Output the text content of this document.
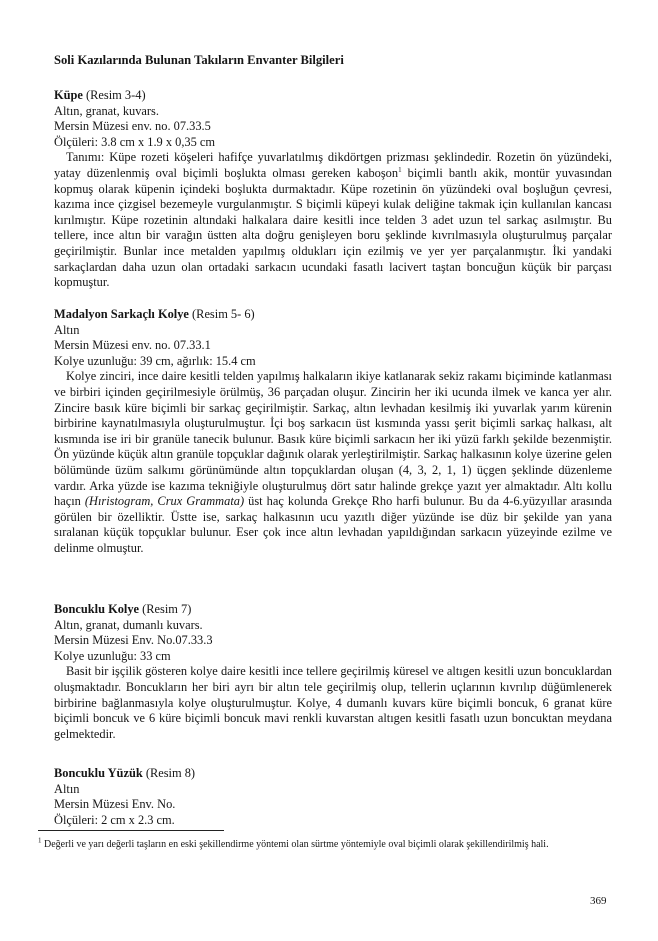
Soli Kazılarında Bulunan Takıların Envanter Bilgileri
Küpe (Resim 3-4)
Altın, granat, kuvars.
Mersin Müzesi env. no. 07.33.5
Ölçüleri: 3.8 cm x 1.9 x 0,35 cm

Tanımı: Küpe rozeti köşeleri hafifçe yuvarlatılmış dikdörtgen prizması şeklindedir. Rozetin ön yüzündeki, yatay düzenlenmiş oval biçimli boşlukta olması gereken kaboşon$^1$ biçimli bantlı akik, montür yuvasından kopmuş olarak küpenin içindeki boşlukta durmaktadır. Küpe rozetinin ön yüzündeki oval boşluğun çevresi, kazıma ince çizgisel bezemeyle vurgulanmıştır. S biçimli küpeyi kulak deliğine takmak için kullanılan kancası kırılmıştır. Küpe rozetinin altındaki halkalara daire kesitli ince telden 3 adet uzun tel sarkaç asılmıştır. Bu tellere, ince altın bir varağın üstten alta doğru genişleyen boru şeklinde kıvrılmasıyla oluşturulmuş parçalar geçirilmiştir. Bunlar ince metalden yapılmış oldukları için ezilmiş ve yer yer parçalanmıştır. İki yandaki sarkaçlardan daha uzun olan ortadaki sarkacın ucundaki fasatlı lacivert taştan boncuğun küçük bir parçası kopmuştur.

Madalyon Sarkaçlı Kolye (Resim 5- 6)
Altın
Mersin Müzesi env. no. 07.33.1
Kolye uzunluğu: 39 cm, ağırlık: 15.4 cm

Kolye zinciri, ince daire kesitli telden yapılmış halkaların ikiye katlanarak sekiz rakamı biçiminde katlanması ve birbiri içinden geçirilmesiyle örülmüş, 36 parçadan oluşur. Zincirin her iki ucunda ilmek ve kanca yer alır. Zincire basık küre biçimli bir sarkaç geçirilmiştir. Sarkaç, altın levhadan kesilmiş iki yuvarlak yarım kürenin birbirine kaynatılmasıyla oluşturulmuştur. İçi boş sarkacın üst kısmında yassı şerit biçimli sarkaç halkası, alt kısmında ise iri bir granüle tanecik bulunur. Basık küre biçimli sarkacın her iki yüzü farklı şekilde bezenmiştir. Ön yüzünde küçük altın granüle topçuklar dağınık olarak yerleştirilmiştir. Sarkaç halkasının kolye üzerine gelen bölümünde üzüm salkımı görünümünde altın topçuklardan oluşan (4, 3, 2, 1, 1) üçgen şeklinde düzenleme vardır. Arka yüzde ise kazıma tekniğiyle oluşturulmuş dört satır halinde grekçe yazıt yer almaktadır. Altı kollu haçın (Hıristogram, Crux Grammata) üst haç kolunda Grekçe Rho harfi bulunur. Bu da 4-6.yüzyıllar arasında görülen bir özelliktir. Üstte ise, sarkaç halkasının ucu yazıtlı diğer yüzünde ise düz bir şekilde yan yana sıralanan küçük topçuklar bulunur. Eser çok ince altın levhadan yapıldığından sarkacın yüzeyinde ezilme ve delinme olmuştur.

Boncuklu Kolye (Resim 7)
Altın, granat, dumanlı kuvars.
Mersin Müzesi Env. No.07.33.3
Kolye uzunluğu: 33 cm

Basit bir işçilik gösteren kolye daire kesitli ince tellere geçirilmiş küresel ve altıgen kesitli uzun boncuklardan oluşmaktadır. Boncukların her biri ayrı bir altın tele geçirilmiş olup, tellerin uçlarının kıvrılıp düğümlenerek birbirine bağlanmasıyla kolye oluşturulmuştur. Kolye, 4 dumanlı kuvars küre biçimli boncuk, 6 granat küre biçimli boncuk ve 6 küre biçimli boncuk mavi renkli kuvarstan altıgen kesitli fasatlı uzun boncuktan meydana gelmektedir.

Boncuklu Yüzük (Resim 8)
Altın
Mersin Müzesi Env. No.
Ölçüleri: 2 cm x 2.3 cm.
$^1$ Değerli ve yarı değerli taşların en eski şekillendirme yöntemi olan sürtme yöntemiyle oval biçimli olarak şekillendirilmiş hali.
369
